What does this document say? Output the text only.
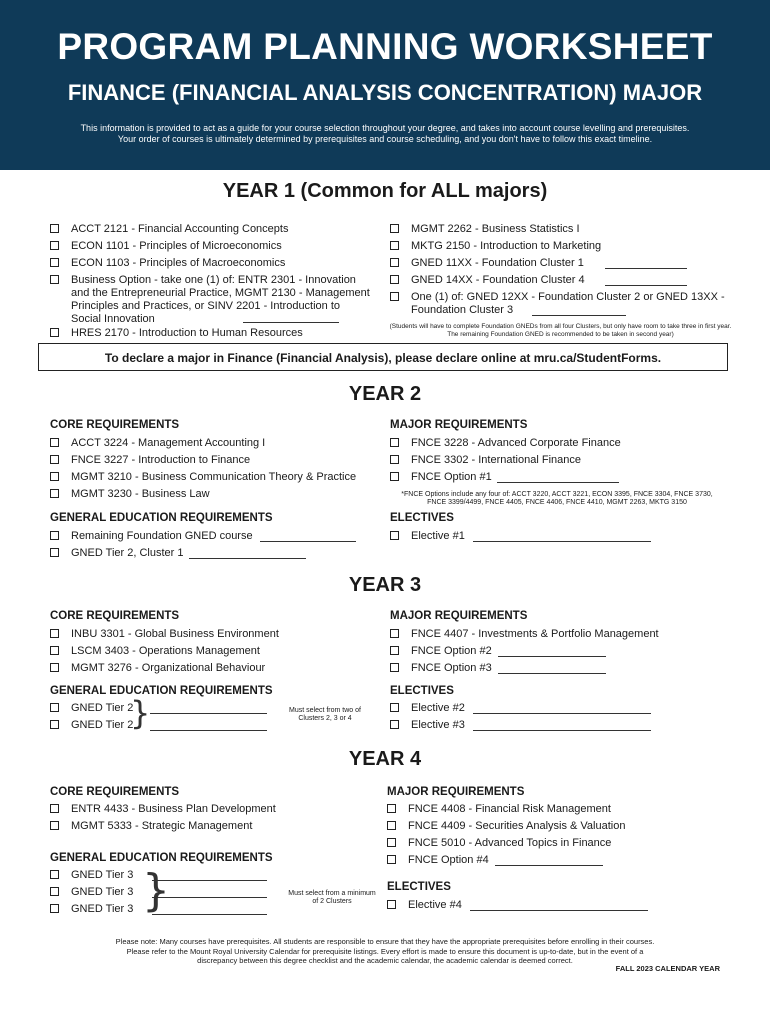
PROGRAM PLANNING WORKSHEET
FINANCE (FINANCIAL ANALYSIS CONCENTRATION) MAJOR
This information is provided to act as a guide for your course selection throughout your degree, and takes into account course levelling and prerequisites.
Your order of courses is ultimately determined by prerequisites and course scheduling, and you don't have to follow this exact timeline.
YEAR 1 (Common for ALL majors)
ACCT 2121 - Financial Accounting Concepts
ECON 1101 - Principles of Microeconomics
ECON 1103 - Principles of Macroeconomics
Business Option - take one (1) of: ENTR 2301 - Innovation and the Entrepreneurial Practice, MGMT 2130 - Management Principles and Practices, or SINV 2201 - Introduction to Social Innovation
HRES 2170 - Introduction to Human Resources
MGMT 2262 - Business Statistics I
MKTG 2150 - Introduction to Marketing
GNED 11XX - Foundation Cluster 1
GNED 14XX - Foundation Cluster 4
One (1) of: GNED 12XX - Foundation Cluster 2 or GNED 13XX - Foundation Cluster 3
(Students will have to complete Foundation GNEDs from all four Clusters, but only have room to take three in first year. The remaining Foundation GNED is recommended to be taken in second year)
To declare a major in Finance (Financial Analysis), please declare online at mru.ca/StudentForms.
YEAR 2
CORE REQUIREMENTS
ACCT 3224 - Management Accounting I
FNCE 3227 - Introduction to Finance
MGMT 3210 - Business Communication Theory & Practice
MGMT 3230 - Business Law
MAJOR REQUIREMENTS
FNCE 3228 - Advanced Corporate Finance
FNCE 3302 - International Finance
FNCE Option #1
*FNCE Options include any four of: ACCT 3220, ACCT 3221, ECON 3395, FNCE 3304, FNCE 3730, FNCE 3399/4499, FNCE 4405, FNCE 4406, FNCE 4410, MGMT 2263, MKTG 3150
GENERAL EDUCATION REQUIREMENTS
Remaining Foundation GNED course
GNED Tier 2, Cluster 1
ELECTIVES
Elective #1
YEAR 3
CORE REQUIREMENTS
INBU 3301 - Global Business Environment
LSCM 3403 - Operations Management
MGMT 3276 - Organizational Behaviour
MAJOR REQUIREMENTS
FNCE 4407 - Investments & Portfolio Management
FNCE Option #2
FNCE Option #3
GENERAL EDUCATION REQUIREMENTS
GNED Tier 2
GNED Tier 2
}	Must select from two of Clusters 2, 3 or 4
ELECTIVES
Elective #2
Elective #3
YEAR 4
CORE REQUIREMENTS
ENTR 4433 - Business Plan Development
MGMT 5333 - Strategic Management
MAJOR REQUIREMENTS
FNCE 4408 - Financial Risk Management
FNCE 4409 - Securities Analysis & Valuation
FNCE 5010 - Advanced Topics in Finance
FNCE Option #4
GENERAL EDUCATION REQUIREMENTS
GNED Tier 3
GNED Tier 3
GNED Tier 3 }	Must select from a minimum of 2 Clusters
ELECTIVES
Elective #4
Please note: Many courses have prerequisites. All students are responsible to ensure that they have the appropriate prerequisites before enrolling in their courses.
Please refer to the Mount Royal University Calendar for prerequisite listings. Every effort is made to ensure this document is up-to-date, but in the event of a
discrepancy between this degree checklist and the academic calendar, the academic calendar is deemed correct.
FALL 2023 CALENDAR YEAR
